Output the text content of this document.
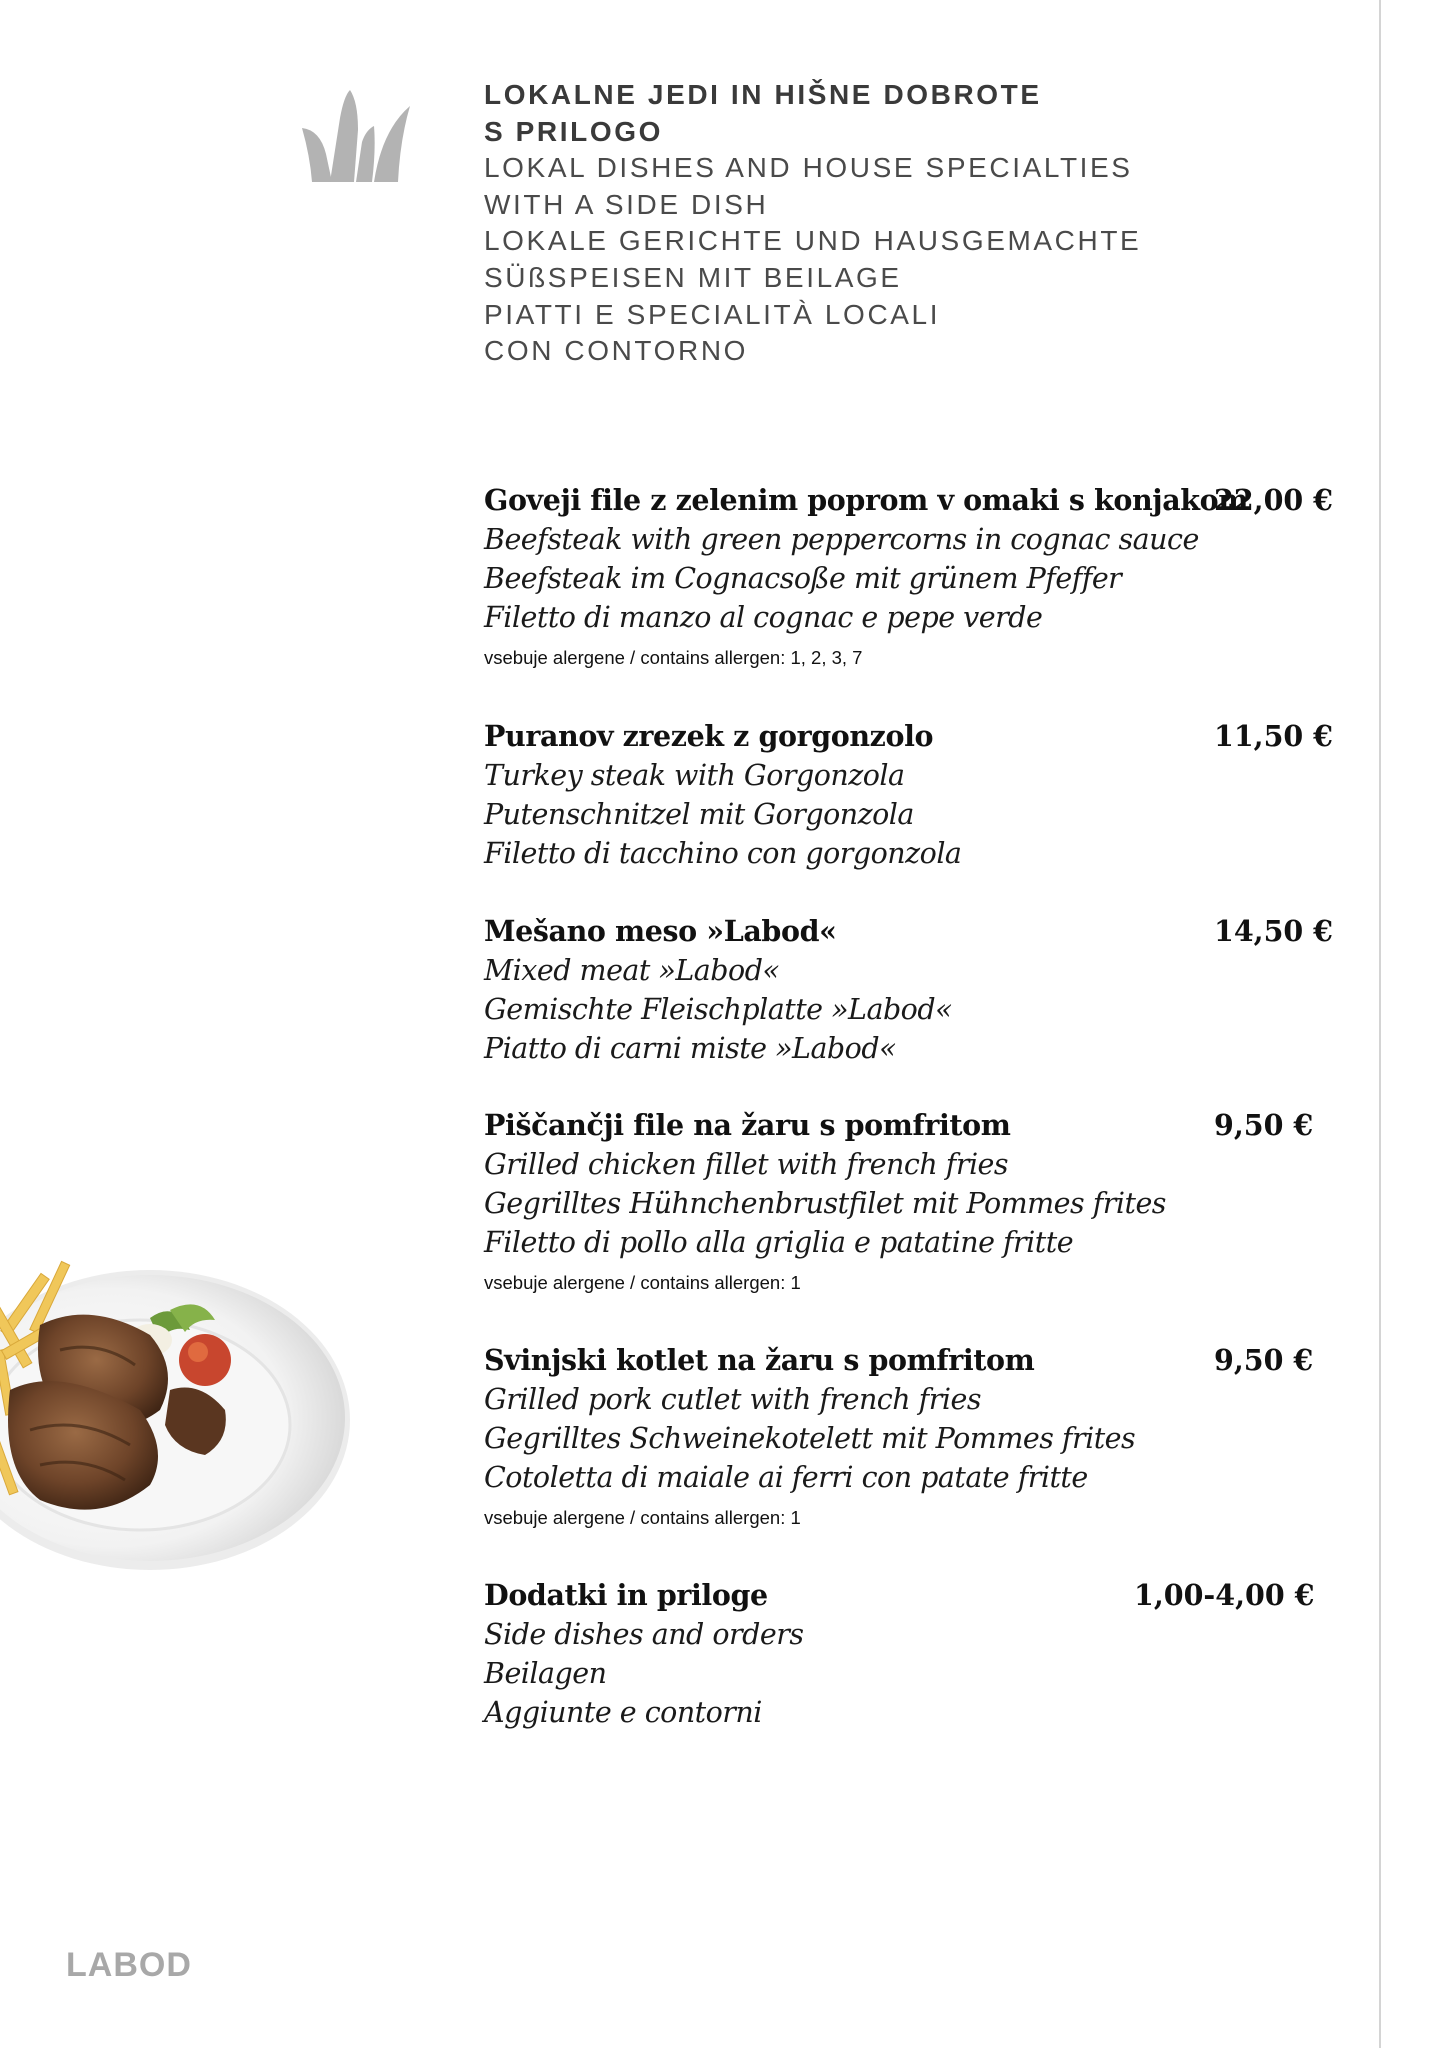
LOKALNE JEDI IN HIŠNE DOBROTE
S PRILOGO
LOKAL DISHES AND HOUSE SPECIALTIES
WITH A SIDE DISH
LOKALE GERICHTE UND HAUSGEMACHTE
SÜßSPEISEN MIT BEILAGE
PIATTI E SPECIALITÀ LOCALI
CON CONTORNO
Goveji file z zelenim poprom v omaki s konjakom
Beefsteak with green peppercorns in cognac sauce
Beefsteak im Cognacsoße mit grünem Pfeffer
Filetto di manzo al cognac e pepe verde
vsebuje alergene / contains allergen: 1, 2, 3, 7
22,00 €
Puranov zrezek z gorgonzolo
Turkey steak with Gorgonzola
Putenschnitzel mit Gorgonzola
Filetto di tacchino con gorgonzola
11,50 €
Mešano meso »Labod«
Mixed meat »Labod«
Gemischte Fleischplatte »Labod«
Piatto di carni miste »Labod«
14,50 €
Piščančji file na žaru s pomfritom
Grilled chicken fillet with french fries
Gegrilltes Hühnchenbrustfilet mit Pommes frites
Filetto di pollo alla griglia e patatine fritte
vsebuje alergene / contains allergen: 1
9,50 €
Svinjski kotlet na žaru s pomfritom
Grilled pork cutlet with french fries
Gegrilltes Schweinekotelett mit Pommes frites
Cotoletta di maiale ai ferri con patate fritte
vsebuje alergene / contains allergen: 1
9,50 €
Dodatki in priloge
Side dishes and orders
Beilagen
Aggiunte e contorni
1,00-4,00 €
LABOD
